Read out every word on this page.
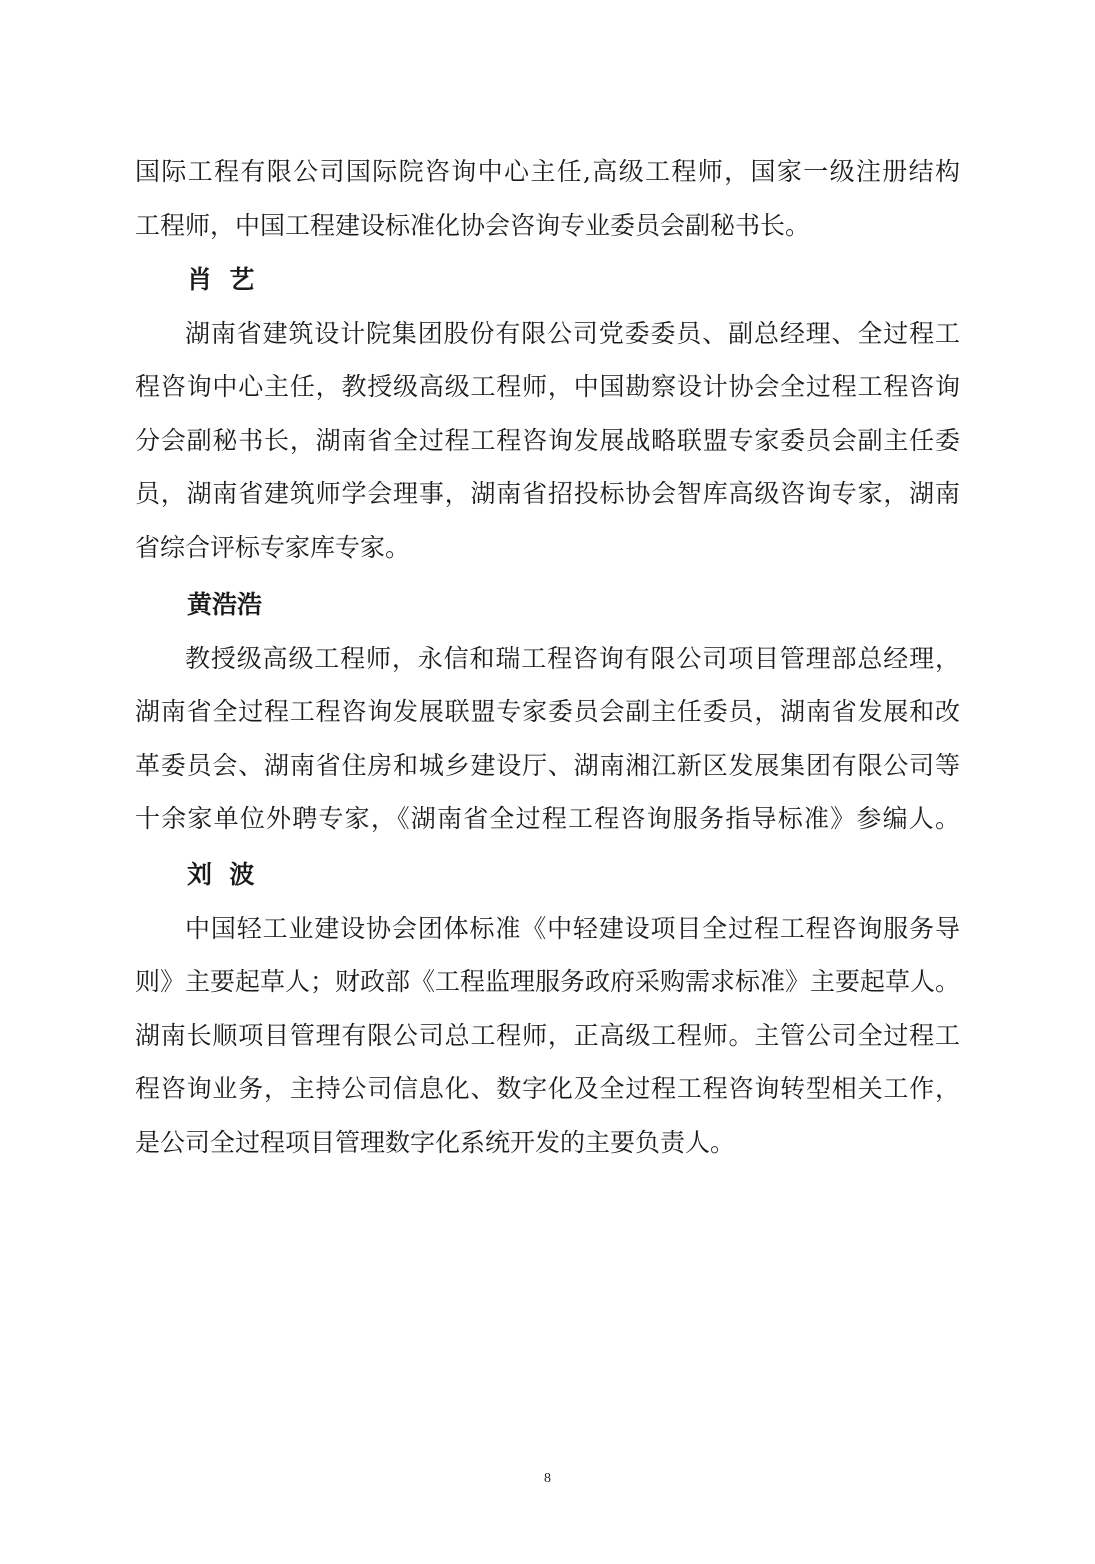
国际工程有限公司国际院咨询中心主任,高级工程师，国家一级注册结构
工程师，中国工程建设标准化协会咨询专业委员会副秘书长。
肖  艺
湖南省建筑设计院集团股份有限公司党委委员、副总经理、全过程工
程咨询中心主任，教授级高级工程师，中国勘察设计协会全过程工程咨询
分会副秘书长，湖南省全过程工程咨询发展战略联盟专家委员会副主任委
员，湖南省建筑师学会理事，湖南省招投标协会智库高级咨询专家，湖南
省综合评标专家库专家。
黄浩浩
教授级高级工程师，永信和瑞工程咨询有限公司项目管理部总经理，
湖南省全过程工程咨询发展联盟专家委员会副主任委员，湖南省发展和改
革委员会、湖南省住房和城乡建设厅、湖南湘江新区发展集团有限公司等
十余家单位外聘专家，《湖南省全过程工程咨询服务指导标准》参编人。
刘  波
中国轻工业建设协会团体标准《中轻建设项目全过程工程咨询服务导
则》主要起草人；财政部《工程监理服务政府采购需求标准》主要起草人。
湖南长顺项目管理有限公司总工程师，正高级工程师。主管公司全过程工
程咨询业务，主持公司信息化、数字化及全过程工程咨询转型相关工作，
是公司全过程项目管理数字化系统开发的主要负责人。
8
